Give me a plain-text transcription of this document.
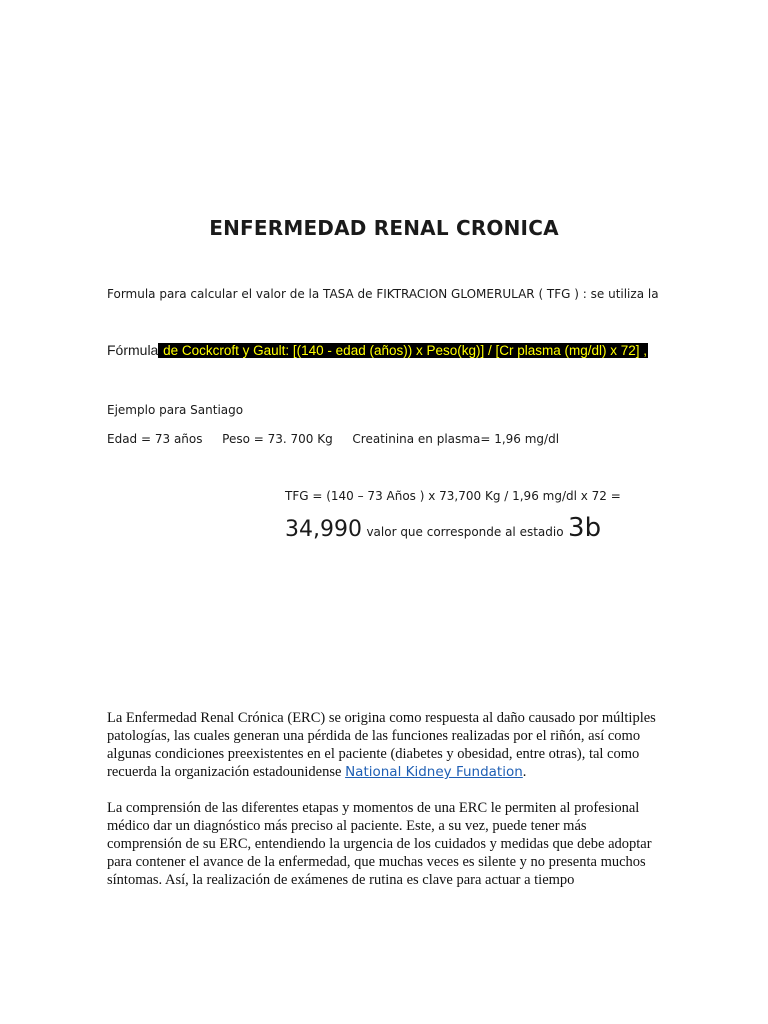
ENFERMEDAD RENAL CRONICA
Formula para calcular el valor de la TASA de FIKTRACION GLOMERULAR ( TFG ) : se utiliza la
Fórmula de Cockcroft y Gault: [(140 - edad (años)) x Peso(kg)] / [Cr plasma (mg/dl) x 72] ,
Ejemplo para Santiago
Edad = 73 años Peso = 73. 700 Kg Creatinina en plasma= 1,96 mg/dl
TFG = (140 – 73 Años ) x 73,700 Kg / 1,96 mg/dl x 72 =
34,990 valor que corresponde al estadio 3b

La Enfermedad Renal Crónica (ERC) se origina como respuesta al daño causado por múltiples patologías, las cuales generan una pérdida de las funciones realizadas por el riñón, así como algunas condiciones preexistentes en el paciente (diabetes y obesidad, entre otras), tal como recuerda la organización estadounidense National Kidney Fundation.

La comprensión de las diferentes etapas y momentos de una ERC le permiten al profesional médico dar un diagnóstico más preciso al paciente. Este, a su vez, puede tener más comprensión de su ERC, entendiendo la urgencia de los cuidados y medidas que debe adoptar para contener el avance de la enfermedad, que muchas veces es silente y no presenta muchos síntomas. Así, la realización de exámenes de rutina es clave para actuar a tiempo
